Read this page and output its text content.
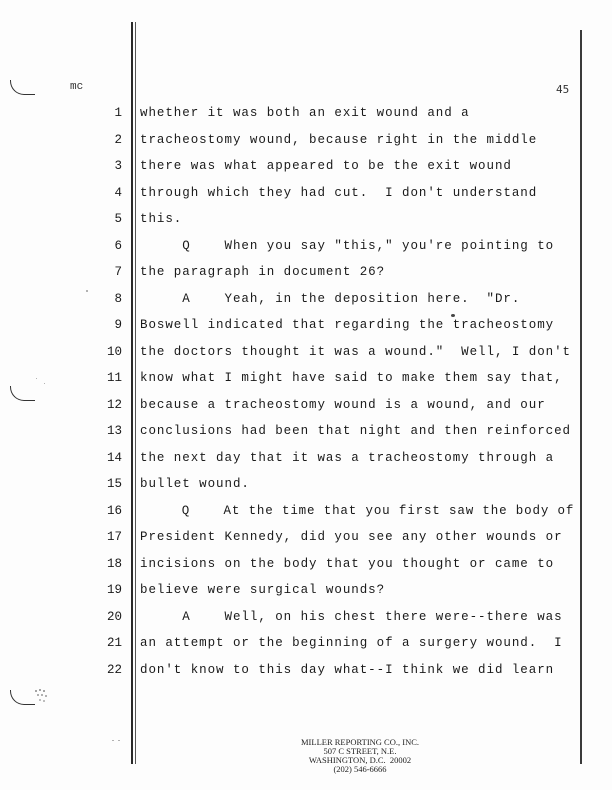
mc	45
1 whether it was both an exit wound and a
2 tracheostomy wound, because right in the middle
3 there was what appeared to be the exit wound
4 through which they had cut.  I don't understand
5 this.
6 Q    When you say "this," you're pointing to
7 the paragraph in document 26?
8 A    Yeah, in the deposition here.  "Dr.
9 Boswell indicated that regarding the tracheostomy
10 the doctors thought it was a wound."  Well, I don't
11 know what I might have said to make them say that,
12 because a tracheostomy wound is a wound, and our
13 conclusions had been that night and then reinforced
14 the next day that it was a tracheostomy through a
15 bullet wound.
16 Q    At the time that you first saw the body of
17 President Kennedy, did you see any other wounds or
18 incisions on the body that you thought or came to
19 believe were surgical wounds?
20 A    Well, on his chest there were--there was
21 an attempt or the beginning of a surgery wound.  I
22 don't know to this day what--I think we did learn
MILLER REPORTING CO., INC.
507 C STREET, N.E.
WASHINGTON, D.C.  20002
(202) 546-6666
